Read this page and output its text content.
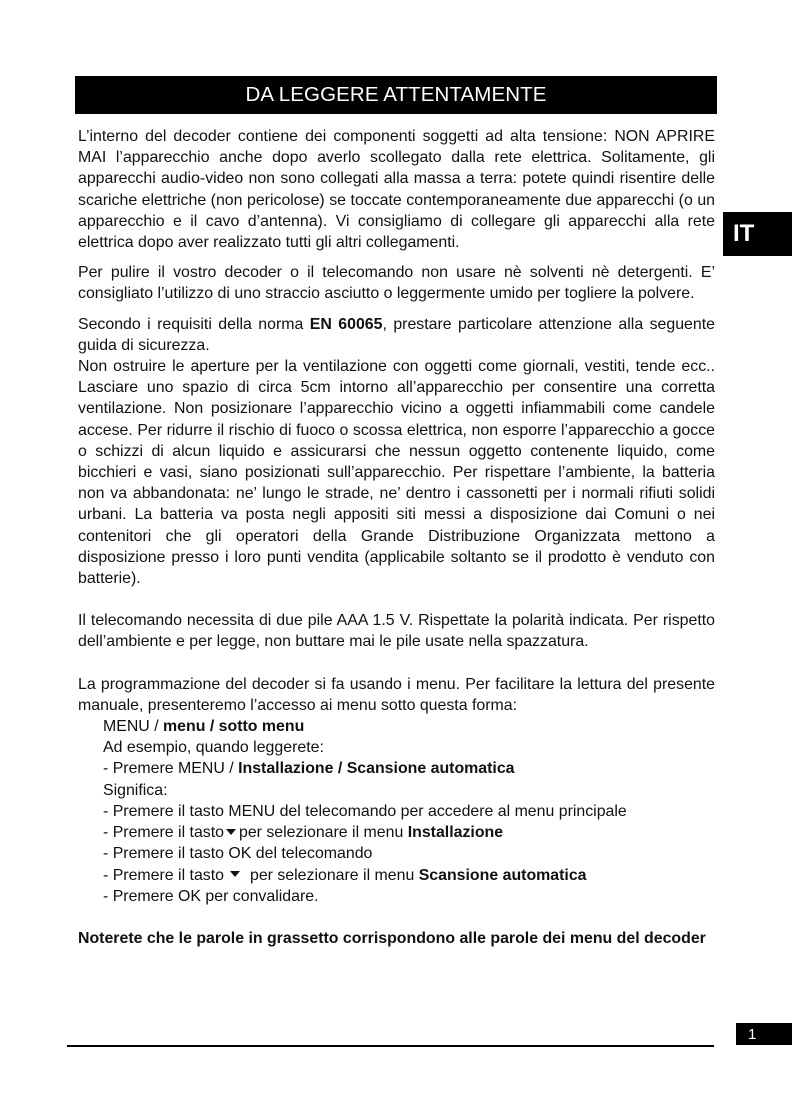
DA LEGGERE ATTENTAMENTE
IT

L’interno del decoder contiene dei componenti soggetti ad alta tensione: NON APRIRE MAI l’apparecchio anche dopo averlo scollegato dalla rete elettrica. Solitamente, gli apparecchi audio-video non sono collegati alla massa a terra: potete quindi risentire delle scariche elettriche (non pericolose) se toccate contemporaneamente due apparecchi (o un apparecchio e il cavo d’antenna). Vi consigliamo di collegare gli apparecchi alla rete elettrica dopo aver realizzato tutti gli altri collegamenti.

Per pulire il vostro decoder o il telecomando non usare nè solventi nè detergenti. E’ consigliato l’utilizzo di uno straccio asciutto o leggermente umido per togliere la polvere.

Secondo i requisiti della norma EN 60065, prestare particolare attenzione alla seguente guida di sicurezza.

Non ostruire le aperture per la ventilazione con oggetti come giornali, vestiti, tende ecc.. Lasciare uno spazio di circa 5cm intorno all’apparecchio per consentire una corretta ventilazione. Non posizionare l’apparecchio vicino a oggetti infiammabili come candele accese. Per ridurre il rischio di fuoco o scossa elettrica, non esporre l’apparecchio a gocce o schizzi di alcun liquido e assicurarsi che nessun oggetto contenente liquido, come bicchieri e vasi, siano posizionati sull’apparecchio. Per rispettare l’ambiente, la batteria non va abbandonata: ne’ lungo le strade, ne’ dentro i cassonetti per i normali rifiuti solidi urbani. La batteria va posta negli appositi siti messi a disposizione dai Comuni o nei contenitori che gli operatori della Grande Distribuzione Organizzata mettono a disposizione presso i loro punti vendita (applicabile soltanto se il prodotto è venduto con batterie).

Il telecomando necessita di due pile AAA 1.5 V. Rispettate la polarità indicata. Per rispetto dell’ambiente e per legge, non buttare mai le pile usate nella spazzatura.

La programmazione del decoder si fa usando i menu. Per facilitare la lettura del presente manuale, presenteremo l’accesso ai menu sotto questa forma:

MENU / menu / sotto menu
Ad esempio, quando leggerete:
- Premere MENU / Installazione / Scansione automatica
Significa:
- Premere il tasto MENU del telecomando per accedere al menu principale
- Premere il tasto per selezionare il menu Installazione
- Premere il tasto OK del telecomando
- Premere il tasto per selezionare il menu Scansione automatica
- Premere OK per convalidare.

Noterete che le parole in grassetto corrispondono alle parole dei menu del decoder

1
